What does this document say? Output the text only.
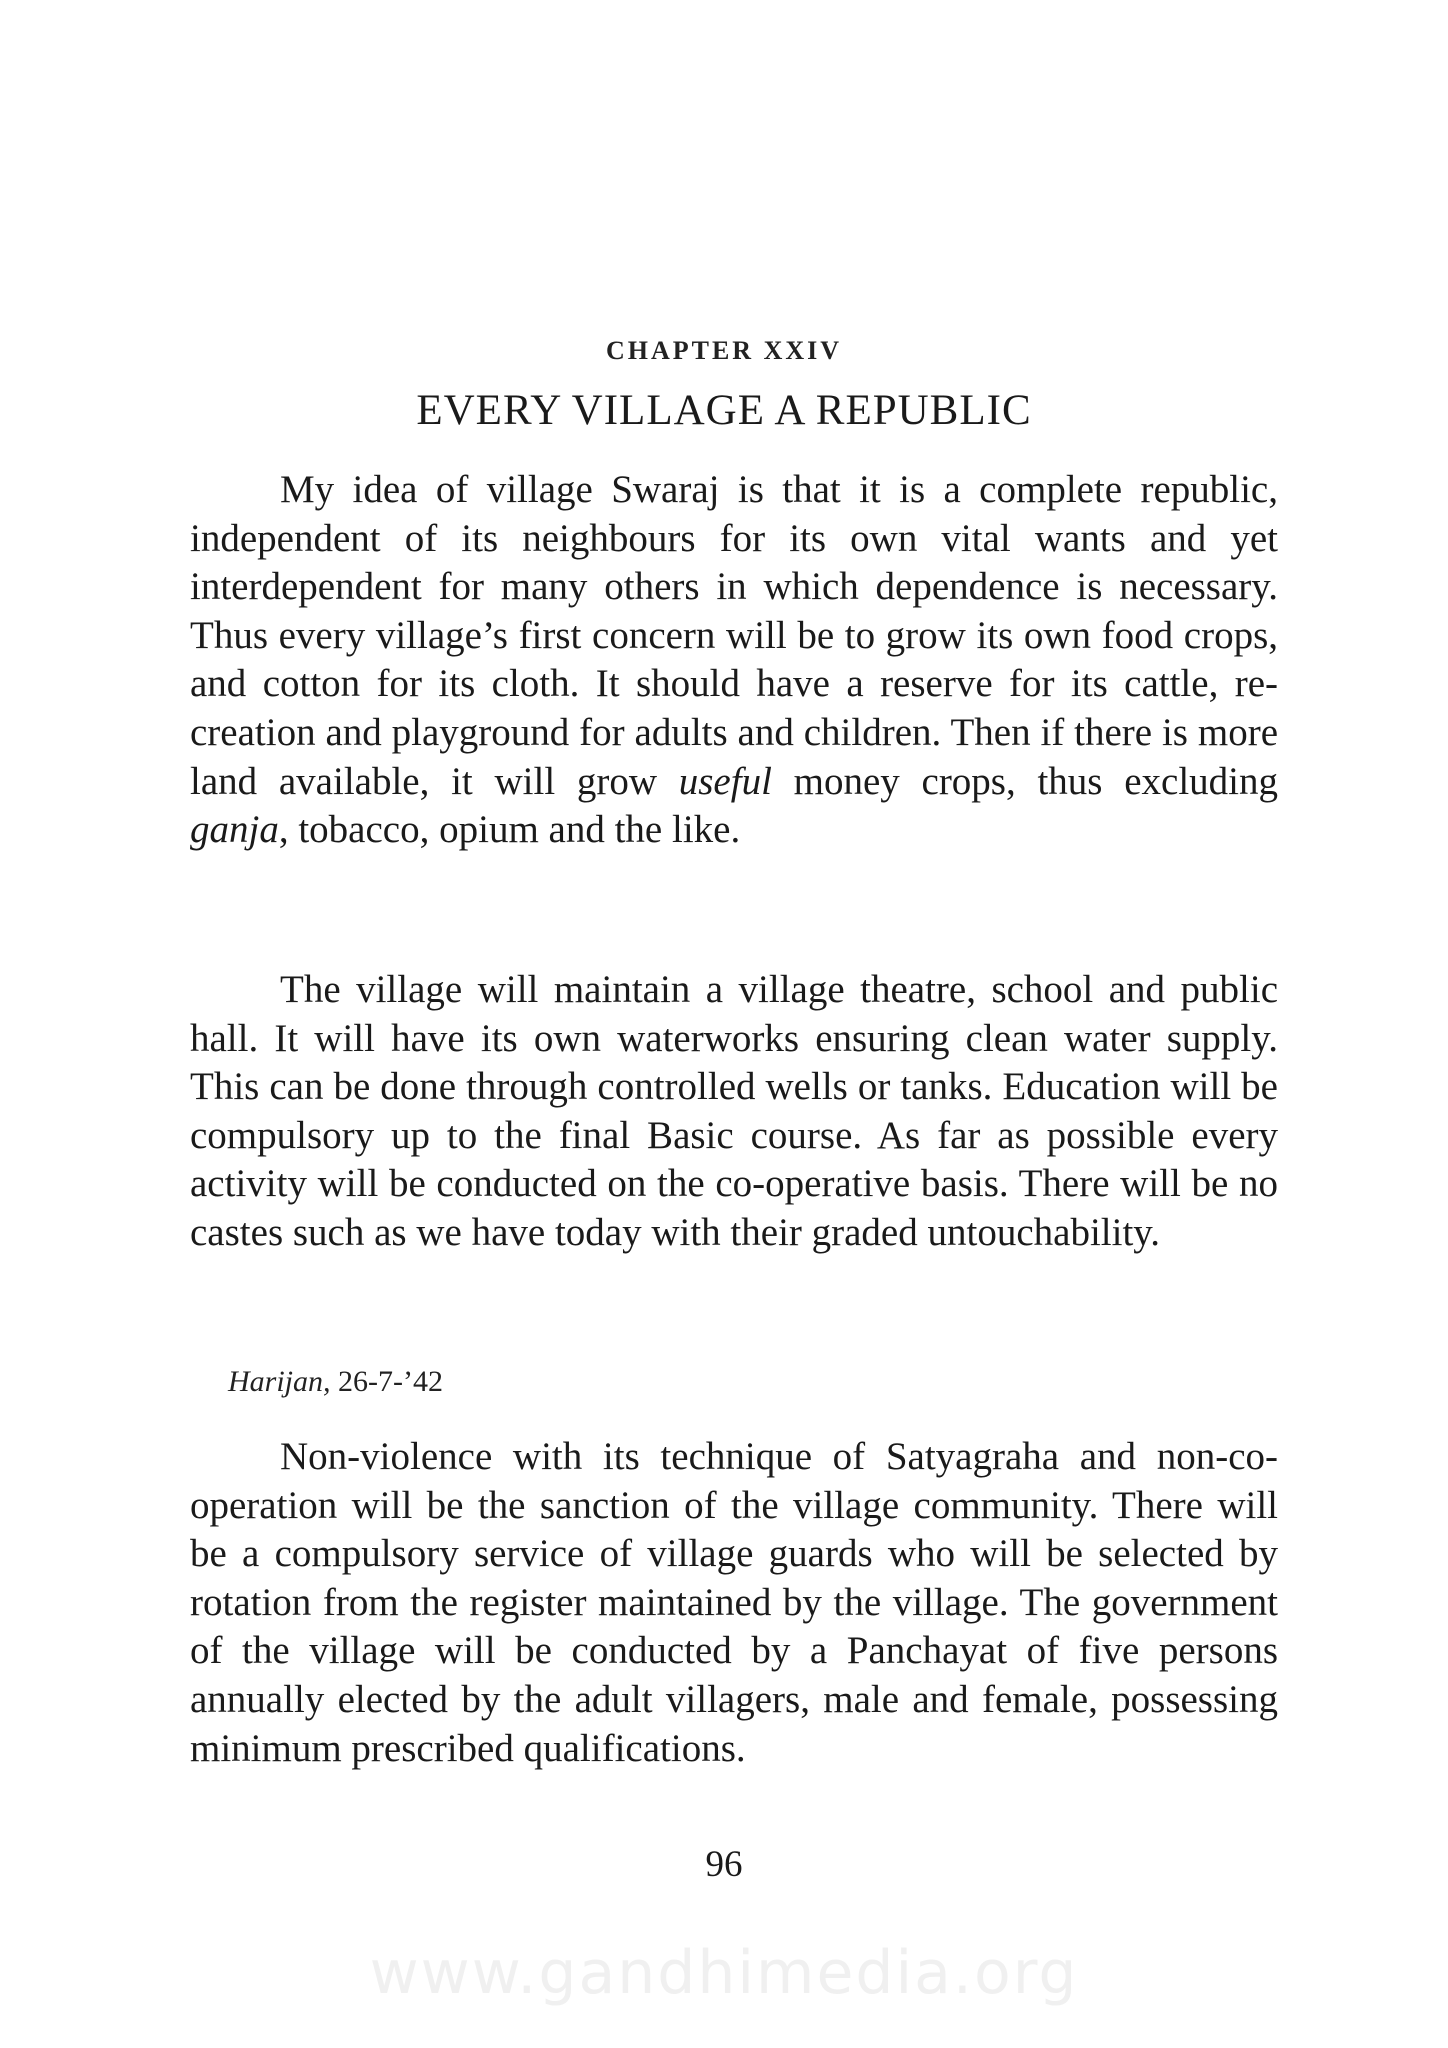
CHAPTER XXIV
EVERY VILLAGE A REPUBLIC

My idea of village Swaraj is that it is a complete republic, independent of its neighbours for its own vital wants and yet interdependent for many others in which dependence is necessary. Thus every village’s first concern will be to grow its own food crops, and cotton for its cloth. It should have a reserve for its cattle, recreation and playground for adults and children. Then if there is more land available, it will grow useful money crops, thus excluding ganja, tobacco, opium and the like.

The village will maintain a village theatre, school and public hall. It will have its own waterworks ensuring clean water supply. This can be done through controlled wells or tanks. Education will be compulsory up to the final Basic course. As far as possible every activity will be conducted on the co-operative basis. There will be no castes such as we have today with their graded untouchability.

Harijan, 26-7-’42

Non-violence with its technique of Satyagraha and non-co-operation will be the sanction of the village community. There will be a compulsory service of village guards who will be selected by rotation from the register maintained by the village. The government of the village will be conducted by a Panchayat of five persons annually elected by the adult villagers, male and female, possessing minimum prescribed qualifications.

96
www.gandhimedia.org
